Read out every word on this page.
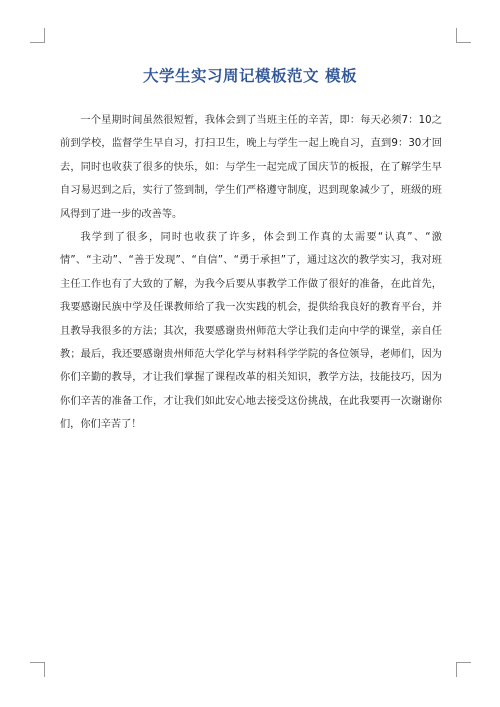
大学生实习周记模板范文 模板

一个星期时间虽然很短暂，我体会到了当班主任的辛苦，即：每天必须7：10之前到学校，监督学生早自习，打扫卫生，晚上与学生一起上晚自习，直到9：30才回去，同时也收获了很多的快乐，如：与学生一起完成了国庆节的板报，在了解学生早自习易迟到之后，实行了签到制，学生们严格遵守制度，迟到现象减少了，班级的班风得到了进一步的改善等。

我学到了很多，同时也收获了许多，体会到工作真的太需要“认真”、“激情”、“主动”、“善于发现”、“自信”、“勇于承担”了，通过这次的教学实习，我对班主任工作也有了大致的了解，为我今后要从事教学工作做了很好的准备，在此首先，我要感谢民族中学及任课教师给了我一次实践的机会，提供给我良好的教育平台，并且教导我很多的方法；其次，我要感谢贵州师范大学让我们走向中学的课堂，亲自任教；最后，我还要感谢贵州师范大学化学与材料科学学院的各位领导，老师们，因为你们辛勤的教导，才让我们掌握了课程改革的相关知识，教学方法，技能技巧，因为你们辛苦的准备工作，才让我们如此安心地去接受这份挑战，在此我要再一次谢谢你们，你们辛苦了！
